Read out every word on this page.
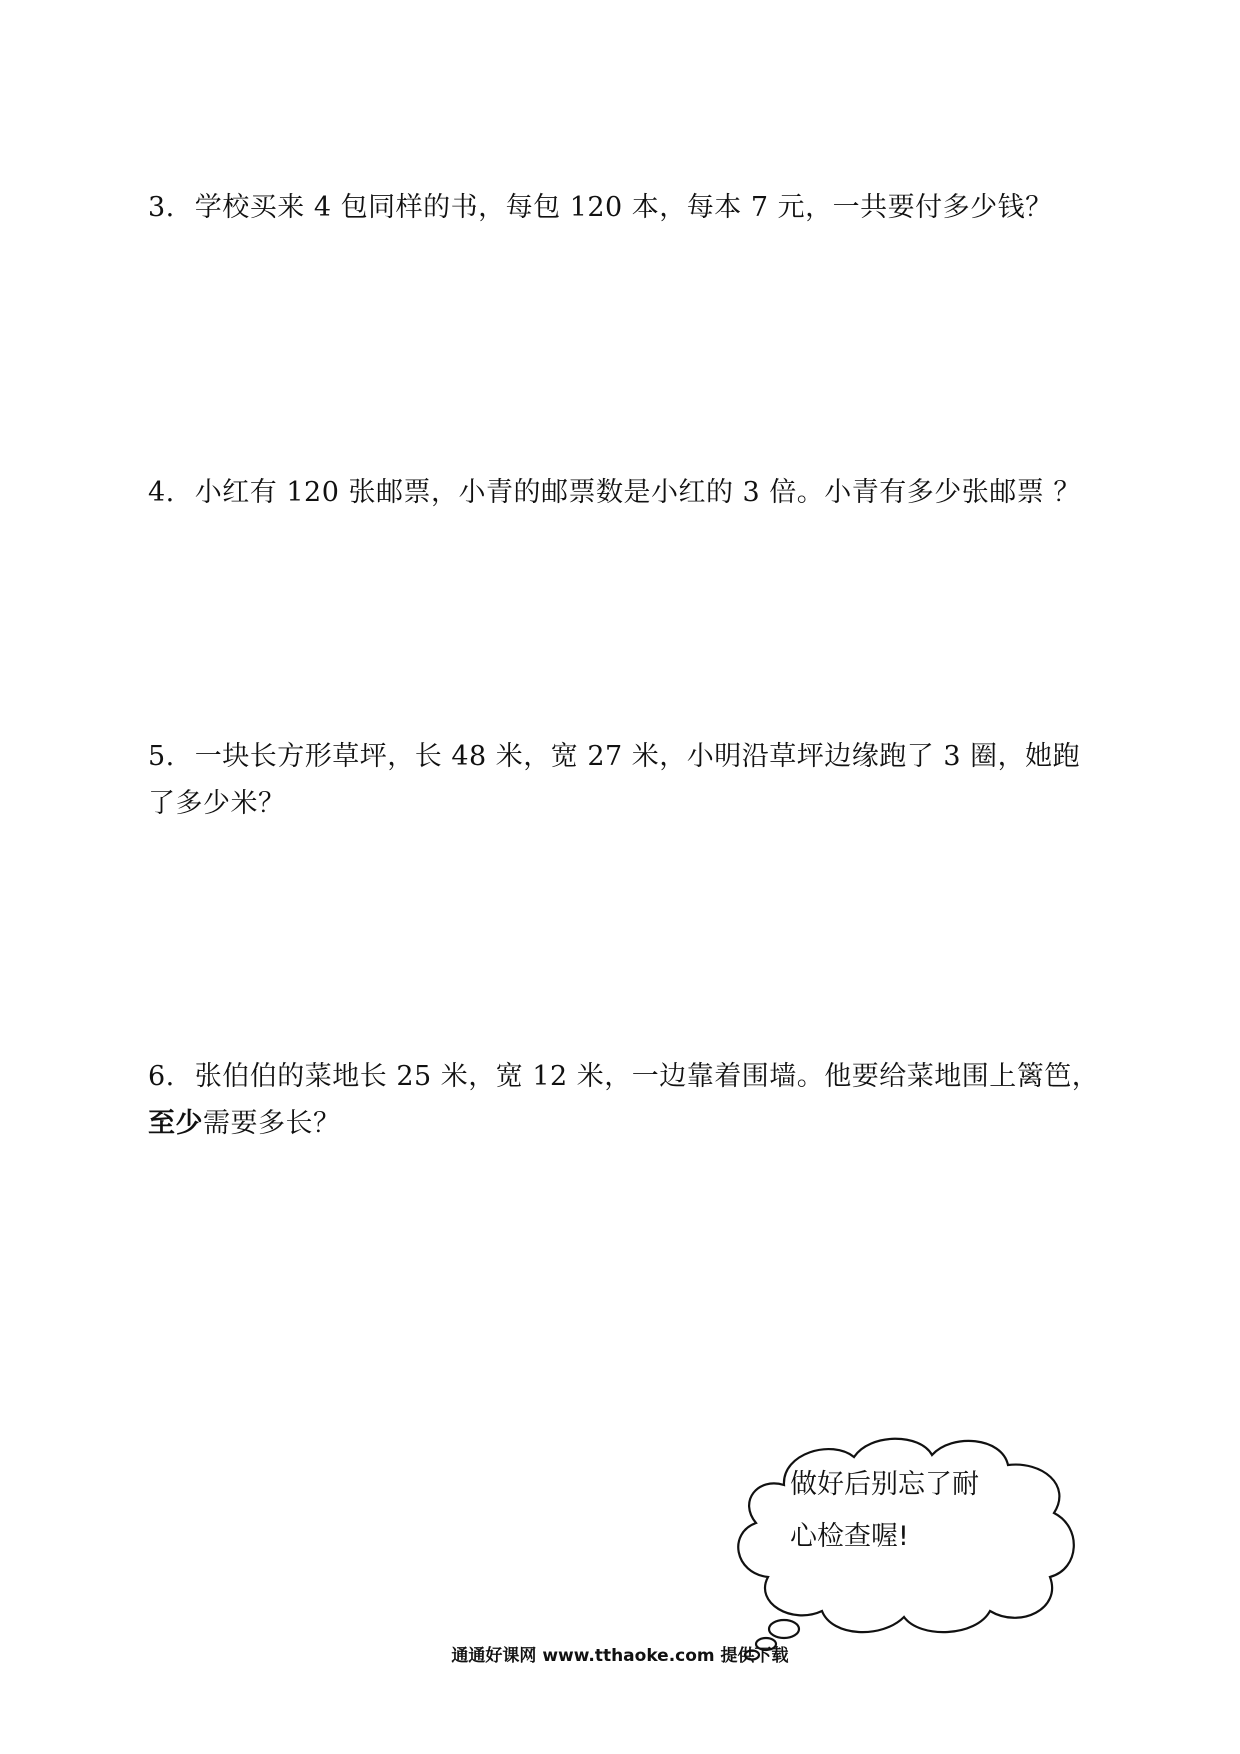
3. 学校买来 4 包同样的书，每包 120 本，每本 7 元，一共要付多少钱？
4. 小红有 120 张邮票，小青的邮票数是小红的 3 倍。小青有多少张邮票 ？
5. 一块长方形草坪，长 48 米，宽 27 米，小明沿草坪边缘跑了 3 圈，她跑
了多少米？
6. 张伯伯的菜地长 25 米，宽 12 米，一边靠着围墙。他要给菜地围上篱笆，
至少需要多长？
做好后别忘了耐
心检查喔!
通通好课网 www.tthaoke.com 提供下载
